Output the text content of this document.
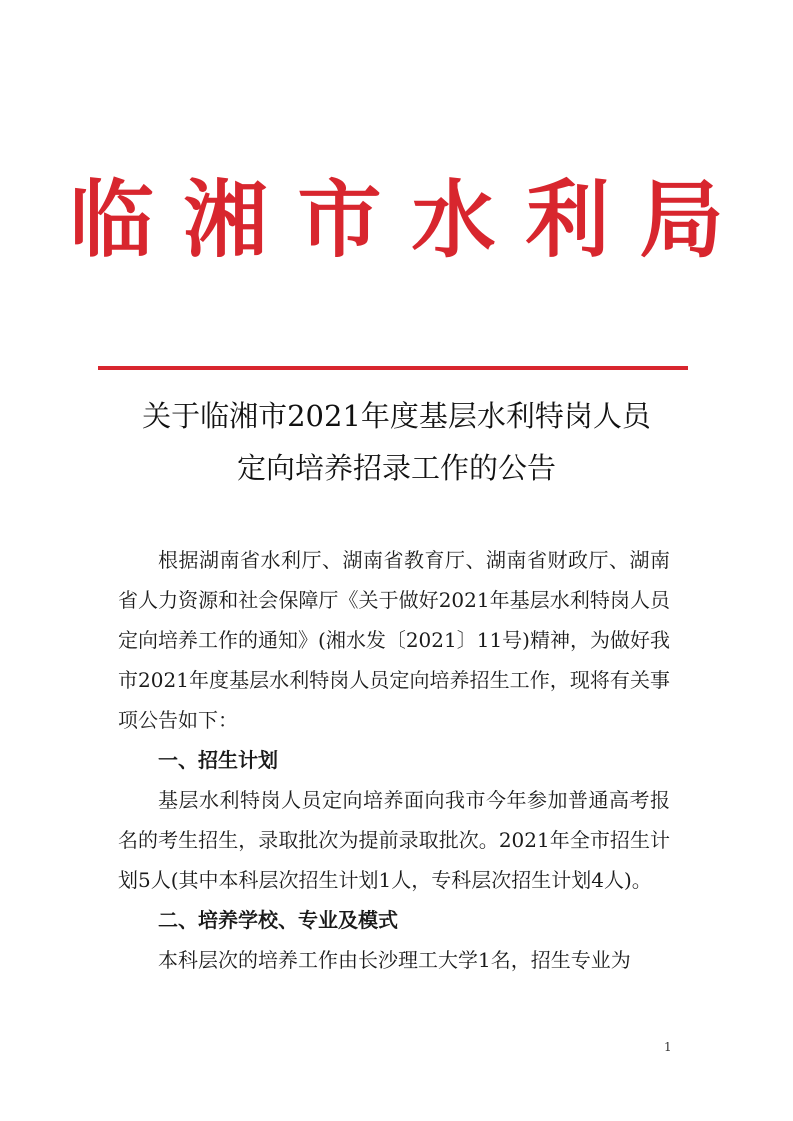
临湘市水利局
关于临湘市2021年度基层水利特岗人员
定向培养招录工作的公告

根据湖南省水利厅、湖南省教育厅、湖南省财政厅、湖南省人力资源和社会保障厅《关于做好2021年基层水利特岗人员定向培养工作的通知》(湘水发〔2021〕11号)精神，为做好我市2021年度基层水利特岗人员定向培养招生工作，现将有关事项公告如下：

一、招生计划

基层水利特岗人员定向培养面向我市今年参加普通高考报名的考生招生，录取批次为提前录取批次。2021年全市招生计划5人(其中本科层次招生计划1人，专科层次招生计划4人)。

二、培养学校、专业及模式

本科层次的培养工作由长沙理工大学1名，招生专业为

1
